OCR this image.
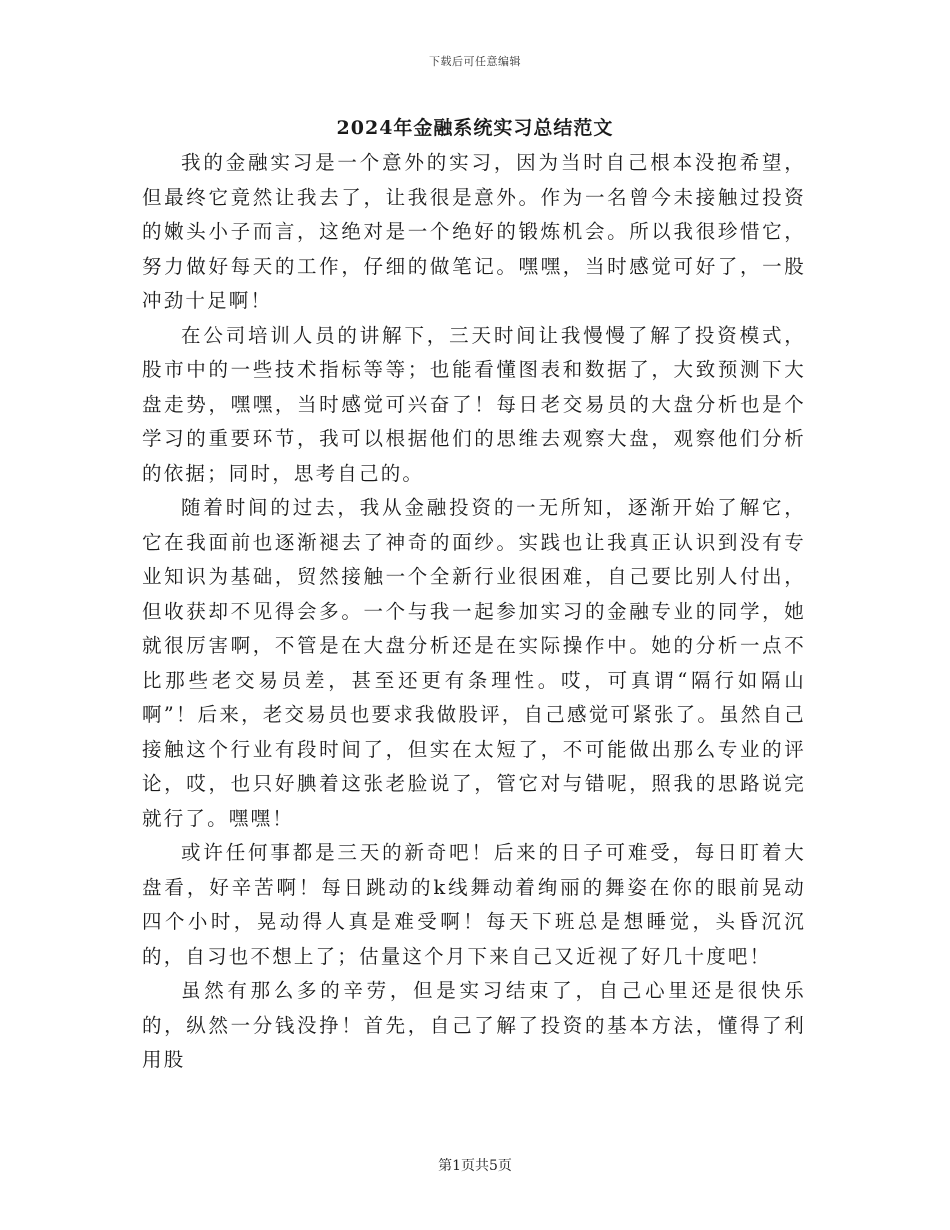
下载后可任意编辑
2024年金融系统实习总结范文

我的金融实习是一个意外的实习，因为当时自己根本没抱希望，但最终它竟然让我去了，让我很是意外。作为一名曾今未接触过投资的嫩头小子而言，这绝对是一个绝好的锻炼机会。所以我很珍惜它，努力做好每天的工作，仔细的做笔记。嘿嘿，当时感觉可好了，一股冲劲十足啊！

在公司培训人员的讲解下，三天时间让我慢慢了解了投资模式，股市中的一些技术指标等等；也能看懂图表和数据了，大致预测下大盘走势，嘿嘿，当时感觉可兴奋了！每日老交易员的大盘分析也是个学习的重要环节，我可以根据他们的思维去观察大盘，观察他们分析的依据；同时，思考自己的。

随着时间的过去，我从金融投资的一无所知，逐渐开始了解它，它在我面前也逐渐褪去了神奇的面纱。实践也让我真正认识到没有专业知识为基础，贸然接触一个全新行业很困难，自己要比别人付出，但收获却不见得会多。一个与我一起参加实习的金融专业的同学，她就很厉害啊，不管是在大盘分析还是在实际操作中。她的分析一点不比那些老交易员差，甚至还更有条理性。哎，可真谓“隔行如隔山啊”！后来，老交易员也要求我做股评，自己感觉可紧张了。虽然自己接触这个行业有段时间了，但实在太短了，不可能做出那么专业的评论，哎，也只好腆着这张老脸说了，管它对与错呢，照我的思路说完就行了。嘿嘿！

或许任何事都是三天的新奇吧！后来的日子可难受，每日盯着大盘看，好辛苦啊！每日跳动的k线舞动着绚丽的舞姿在你的眼前晃动四个小时，晃动得人真是难受啊！每天下班总是想睡觉，头昏沉沉的，自习也不想上了；估量这个月下来自己又近视了好几十度吧！

虽然有那么多的辛劳，但是实习结束了，自己心里还是很快乐的，纵然一分钱没挣！首先，自己了解了投资的基本方法，懂得了利用股

第1页共5页
